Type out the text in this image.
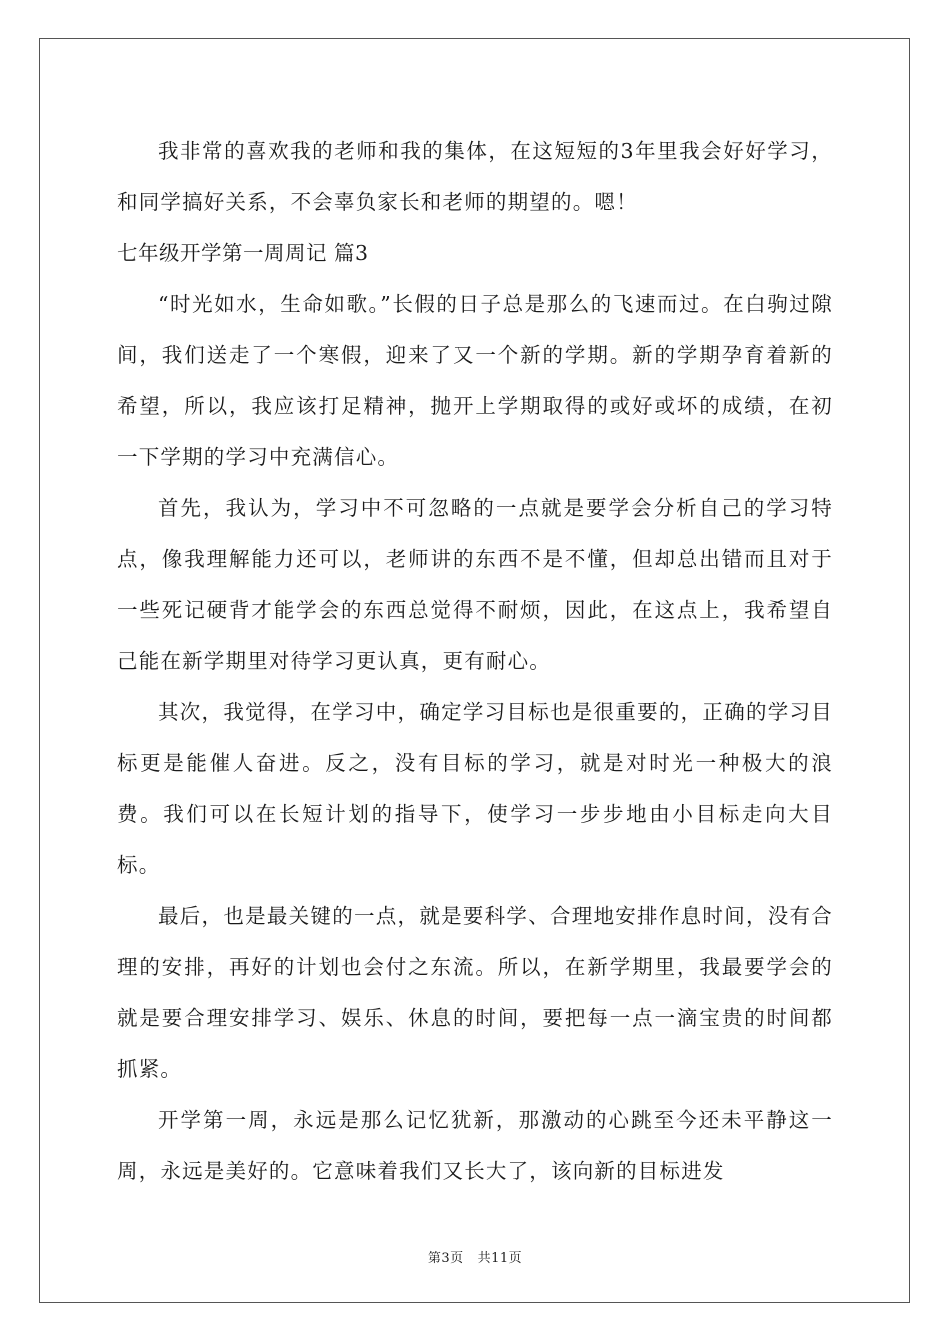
我非常的喜欢我的老师和我的集体，在这短短的3年里我会好好学习，和同学搞好关系，不会辜负家长和老师的期望的。嗯！

七年级开学第一周周记 篇3

“时光如水，生命如歌。”长假的日子总是那么的飞速而过。在白驹过隙间，我们送走了一个寒假，迎来了又一个新的学期。新的学期孕育着新的希望，所以，我应该打足精神，抛开上学期取得的或好或坏的成绩，在初一下学期的学习中充满信心。

首先，我认为，学习中不可忽略的一点就是要学会分析自己的学习特点，像我理解能力还可以，老师讲的东西不是不懂，但却总出错而且对于一些死记硬背才能学会的东西总觉得不耐烦，因此，在这点上，我希望自己能在新学期里对待学习更认真，更有耐心。

其次，我觉得，在学习中，确定学习目标也是很重要的，正确的学习目标更是能催人奋进。反之，没有目标的学习，就是对时光一种极大的浪费。我们可以在长短计划的指导下，使学习一步步地由小目标走向大目标。

最后，也是最关键的一点，就是要科学、合理地安排作息时间，没有合理的安排，再好的计划也会付之东流。所以，在新学期里，我最要学会的就是要合理安排学习、娱乐、休息的时间，要把每一点一滴宝贵的时间都抓紧。

开学第一周，永远是那么记忆犹新，那激动的心跳至今还未平静这一周，永远是美好的。它意味着我们又长大了，该向新的目标进发

第3页 共11页
